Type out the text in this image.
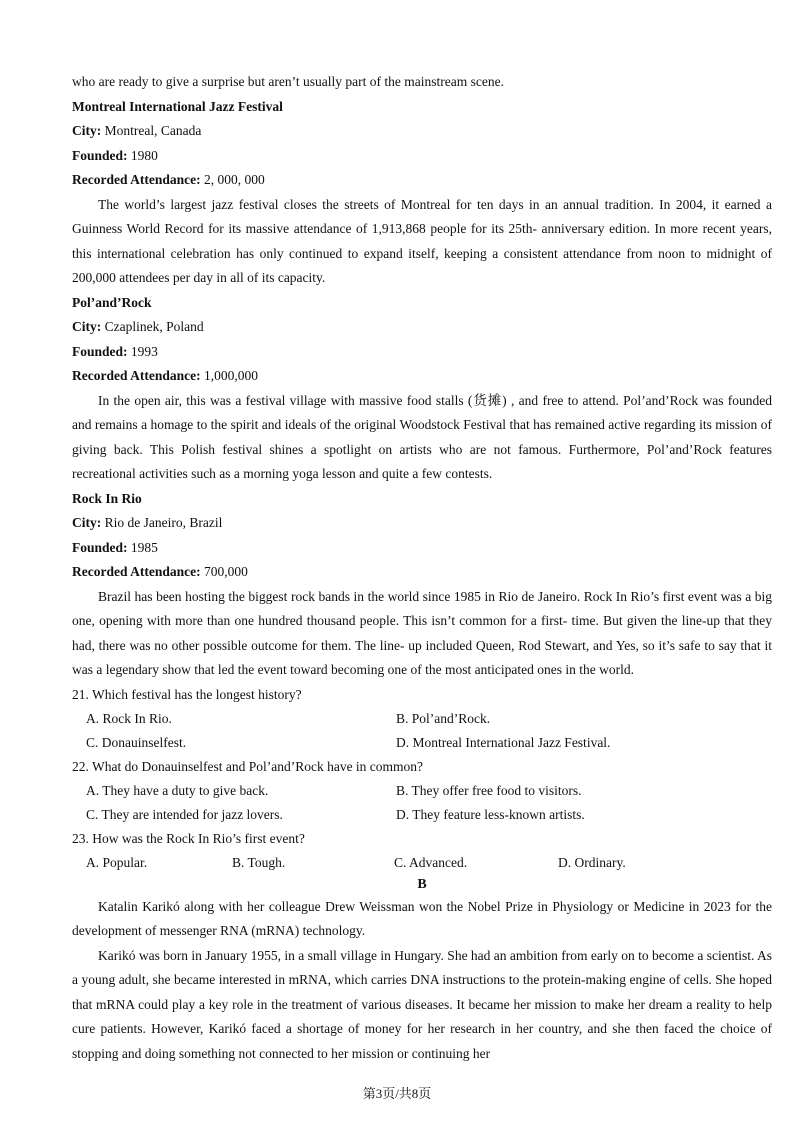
who are ready to give a surprise but aren’t usually part of the mainstream scene.

Montreal International Jazz Festival

City: Montreal, Canada

Founded: 1980

Recorded Attendance: 2, 000, 000

The world’s largest jazz festival closes the streets of Montreal for ten days in an annual tradition. In 2004, it earned a Guinness World Record for its massive attendance of 1,913,868 people for its 25th- anniversary edition. In more recent years, this international celebration has only continued to expand itself, keeping a consistent attendance from noon to midnight of 200,000 attendees per day in all of its capacity.

Pol’and’Rock

City: Czaplinek, Poland

Founded: 1993

Recorded Attendance: 1,000,000

In the open air, this was a festival village with massive food stalls (货摊) , and free to attend. Pol’and’Rock was founded and remains a homage to the spirit and ideals of the original Woodstock Festival that has remained active regarding its mission of giving back. This Polish festival shines a spotlight on artists who are not famous. Furthermore, Pol’and’Rock features recreational activities such as a morning yoga lesson and quite a few contests.

Rock In Rio

City: Rio de Janeiro, Brazil

Founded: 1985

Recorded Attendance: 700,000

Brazil has been hosting the biggest rock bands in the world since 1985 in Rio de Janeiro. Rock In Rio’s first event was a big one, opening with more than one hundred thousand people. This isn’t common for a first- time. But given the line-up that they had, there was no other possible outcome for them. The line- up included Queen, Rod Stewart, and Yes, so it’s safe to say that it was a legendary show that led the event toward becoming one of the most anticipated ones in the world.

21. Which festival has the longest history?

A. Rock In Rio.	B. Pol’and’Rock.
C. Donauinselfest.	D. Montreal International Jazz Festival.

22. What do Donauinselfest and Pol’and’Rock have in common?

A. They have a duty to give back.	B. They offer free food to visitors.
C. They are intended for jazz lovers.	D. They feature less-known artists.

23. How was the Rock In Rio’s first event?

A. Popular.	B. Tough.	C. Advanced.	D. Ordinary.

B

Katalin Karikó along with her colleague Drew Weissman won the Nobel Prize in Physiology or Medicine in 2023 for the development of messenger RNA (mRNA) technology.

Karikó was born in January 1955, in a small village in Hungary. She had an ambition from early on to become a scientist. As a young adult, she became interested in mRNA, which carries DNA instructions to the protein-making engine of cells. She hoped that mRNA could play a key role in the treatment of various diseases. It became her mission to make her dream a reality to help cure patients. However, Karikó faced a shortage of money for her research in her country, and she then faced the choice of stopping and doing something not connected to her mission or continuing her

第3页/共8页
